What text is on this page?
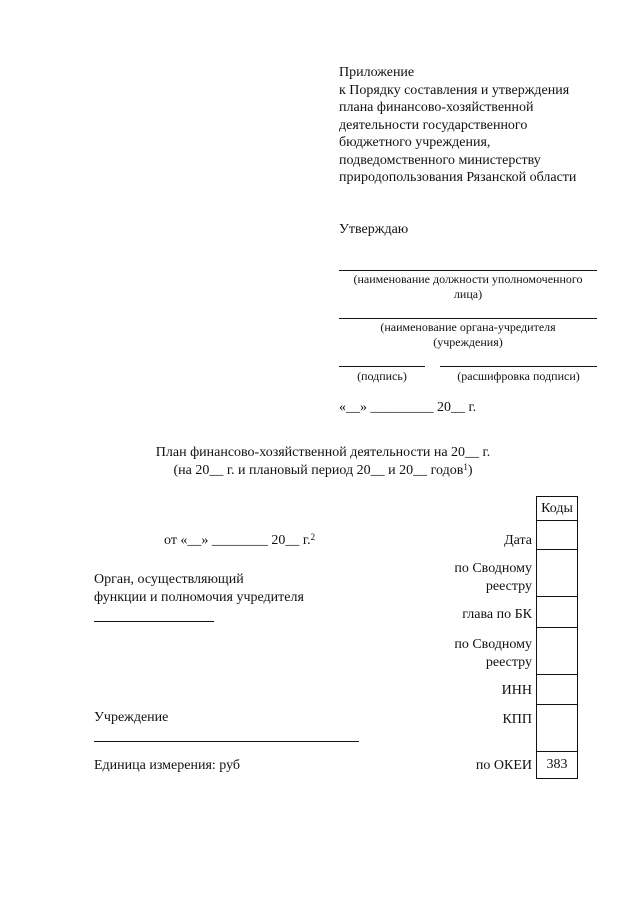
Приложение
к Порядку составления и утверждения
плана финансово-хозяйственной
деятельности государственного
бюджетного учреждения,
подведомственного министерству
природопользования Рязанской области
Утверждаю
(наименование должности уполномоченного
лица)
(наименование органа-учредителя
(учреждения)
(подпись)	(расшифровка подписи)
«__» _________ 20__ г.
План финансово-хозяйственной деятельности на 20__ г.
(на 20__ г. и плановый период 20__ и 20__ годов$^1$)
от «__» ________ 20__ г.$^2$
Орган, осуществляющий
функции и полномочия учредителя
Учреждение
Единица измерения: руб
Дата
по Сводному
реестру
глава по БК
по Сводному
реестру
ИНН
КПП
по ОКЕИ
Коды
383
